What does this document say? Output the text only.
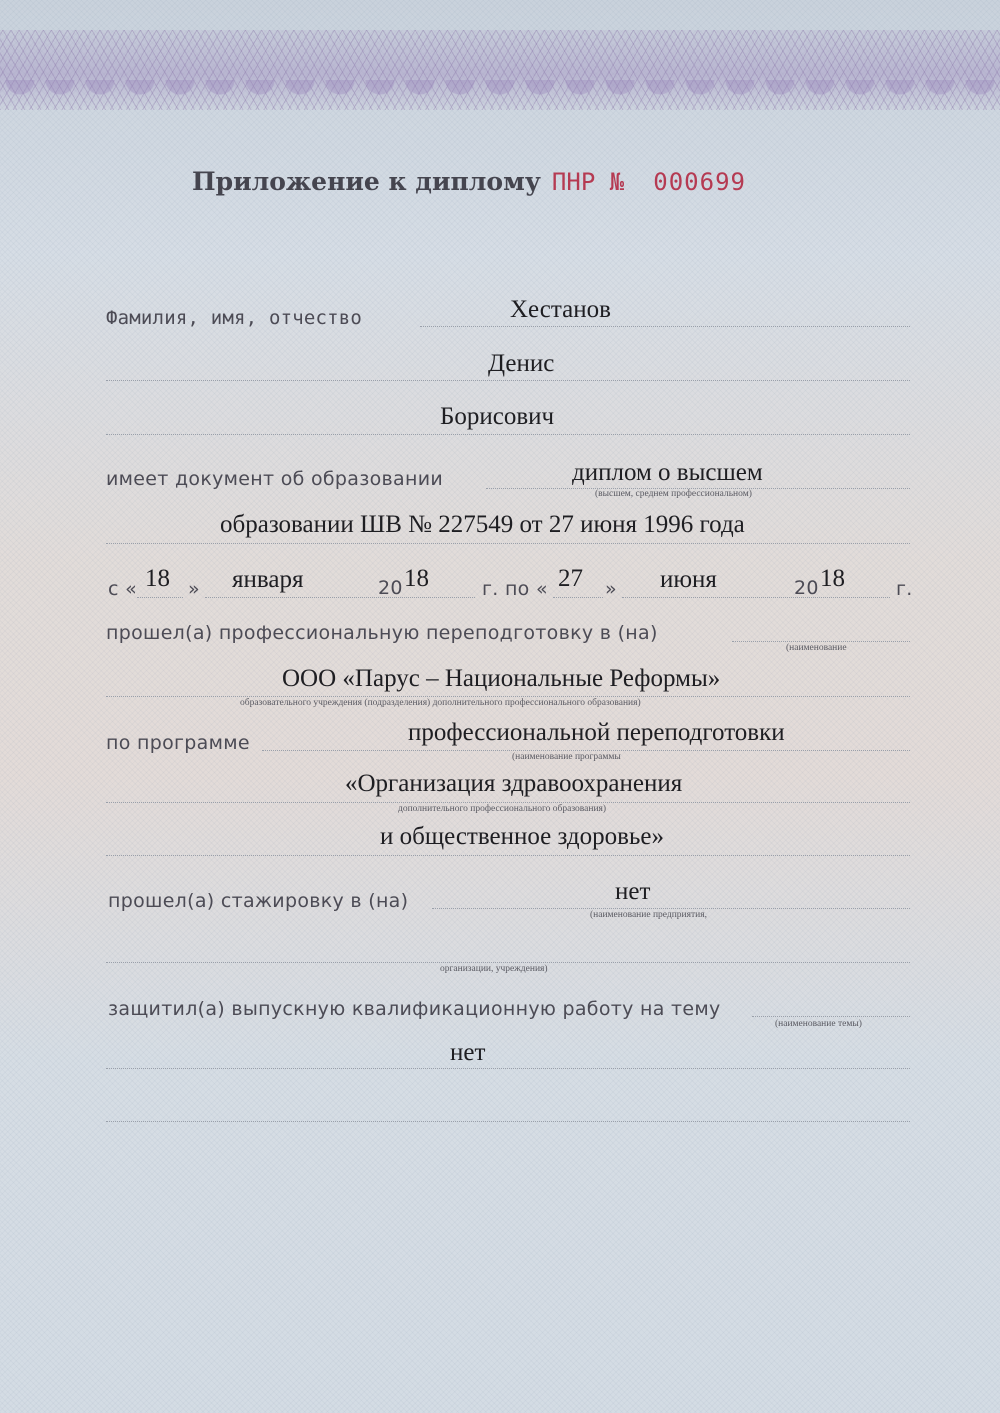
Приложение к диплому ПНР № 000699
Фамилия, имя, отчество	Хестанов
Денис
Борисович
имеет документ об образовании	диплом о высшем
(высшем, среднем профессиональном)
образовании ШВ № 227549 от 27 июня 1996 года
с « 18 » января	20 18	г. по « 27 » июня	20 18	г.
прошел(а) профессиональную переподготовку в (на)
(наименование
ООО «Парус – Национальные Реформы»
образовательного учреждения (подразделения) дополнительного профессионального образования)
по программе	профессиональной переподготовки
(наименование программы
«Организация здравоохранения
дополнительного профессионального образования)
и общественное здоровье»
прошел(а) стажировку в (на)	нет
(наименование предприятия,
организации, учреждения)
защитил(а) выпускную квалификационную работу на тему
(наименование темы)
нет
